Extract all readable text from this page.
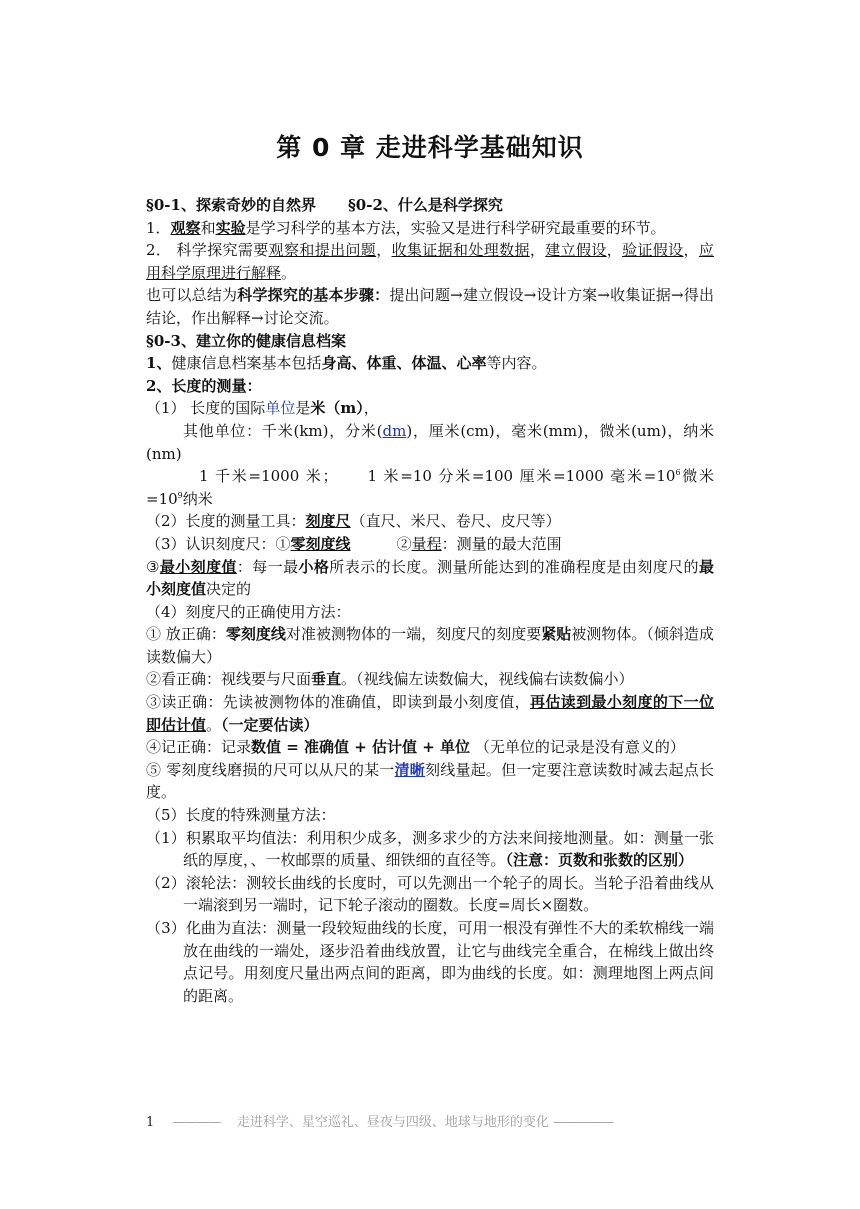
第 0 章 走进科学基础知识

§0-1、探索奇妙的自然界 §0-2、什么是科学探究

1．观察和实验是学习科学的基本方法，实验又是进行科学研究最重要的环节。

2． 科学探究需要观察和提出问题，收集证据和处理数据，建立假设，验证假设，应用科学原理进行解释。

也可以总结为科学探究的基本步骤：提出问题→建立假设→设计方案→收集证据→得出结论，作出解释→讨论交流。

§0-3、建立你的健康信息档案

1、健康信息档案基本包括身高、体重、体温、心率等内容。

2、长度的测量：

（1） 长度的国际单位是米（m），

其他单位：千米(km)，分米(dm)，厘米(cm)，毫米(mm)，微米(um)，纳米(nm)

1 千米=1000 米； 1 米=10 分米=100 厘米=1000 毫米$=10^6$微米$=10^9$纳米

（2）长度的测量工具：刻度尺（直尺、米尺、卷尺、皮尺等）

（3）认识刻度尺：①零刻度线	②量程：测量的最大范围

③最小刻度值：每一最小格所表示的长度。测量所能达到的准确程度是由刻度尺的最小刻度值决定的

（4）刻度尺的正确使用方法：

① 放正确：零刻度线对准被测物体的一端，刻度尺的刻度要紧贴被测物体。（倾斜造成读数偏大）

②看正确：视线要与尺面垂直。（视线偏左读数偏大，视线偏右读数偏小）

③读正确：先读被测物体的准确值，即读到最小刻度值，再估读到最小刻度的下一位即估计值。（一定要估读）

④记正确：记录数值 = 准确值 + 估计值 + 单位 （无单位的记录是没有意义的）

⑤ 零刻度线磨损的尺可以从尺的某一清晰刻线量起。但一定要注意读数时减去起点长度。

（5）长度的特殊测量方法：

（1）积累取平均值法：利用积少成多，测多求少的方法来间接地测量。如：测量一张纸的厚度，、一枚邮票的质量、细铁细的直径等。（注意：页数和张数的区别）

（2）滚轮法：测较长曲线的长度时，可以先测出一个轮子的周长。当轮子沿着曲线从一端滚到另一端时，记下轮子滚动的圈数。长度=周长×圈数。

（3）化曲为直法：测量一段较短曲线的长度，可用一根没有弹性不大的柔软棉线一端放在曲线的一端处，逐步沿着曲线放置，让它与曲线完全重合，在棉线上做出终点记号。用刻度尺量出两点间的距离，即为曲线的长度。如：测理地图上两点间的距离。

1 ———— 走进科学、星空巡礼、昼夜与四级、地球与地形的变化 —————
